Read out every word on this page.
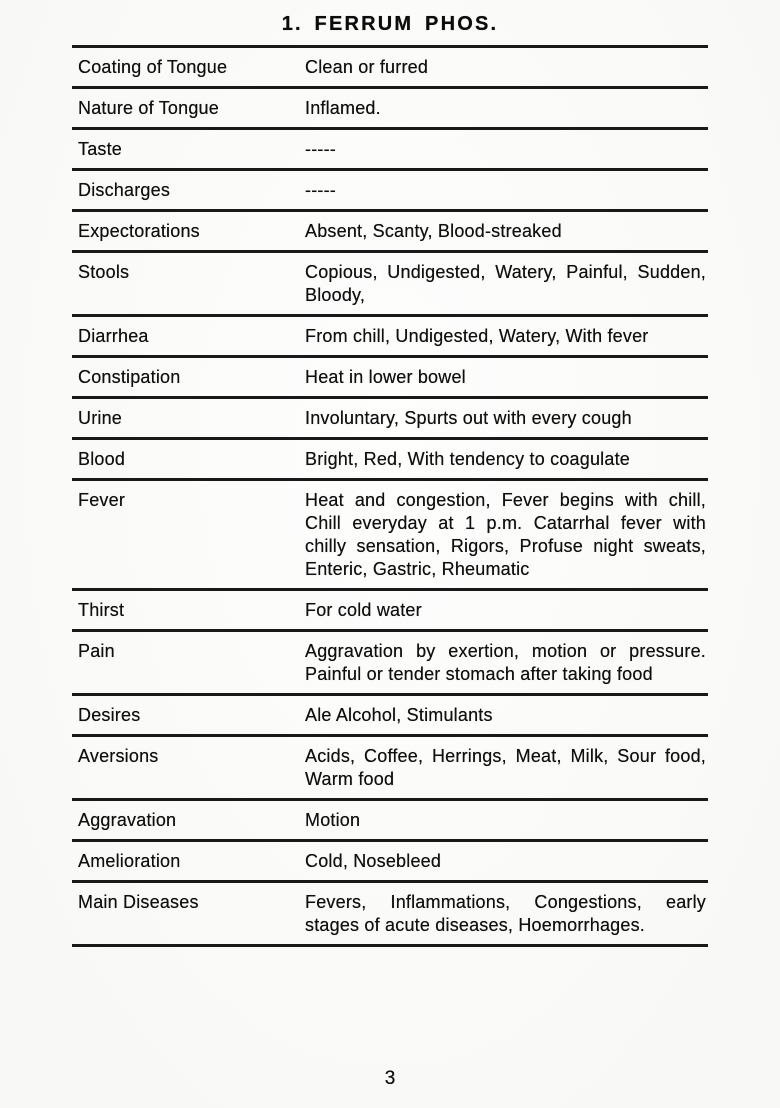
1. FERRUM PHOS.
Coating of Tongue	Clean or furred
Nature of Tongue	Inflamed.
Taste	-----
Discharges	-----
Expectorations	Absent, Scanty, Blood-streaked
Stools	Copious, Undigested, Watery, Painful, Sudden, Bloody,
Diarrhea	From chill, Undigested, Watery, With fever
Constipation	Heat in lower bowel
Urine	Involuntary, Spurts out with every cough
Blood	Bright, Red, With tendency to coagulate
Fever	Heat and congestion, Fever begins with chill, Chill everyday at 1 p.m. Catarrhal fever with chilly sensation, Rigors, Profuse night sweats, Enteric, Gastric, Rheumatic
Thirst	For cold water
Pain	Aggravation by exertion, motion or pressure. Painful or tender stomach after taking food
Desires	Ale Alcohol, Stimulants
Aversions	Acids, Coffee, Herrings, Meat, Milk, Sour food, Warm food
Aggravation	Motion
Amelioration	Cold, Nosebleed
Main Diseases	Fevers, Inflammations, Congestions, early stages of acute diseases, Hoemorrhages.
3
